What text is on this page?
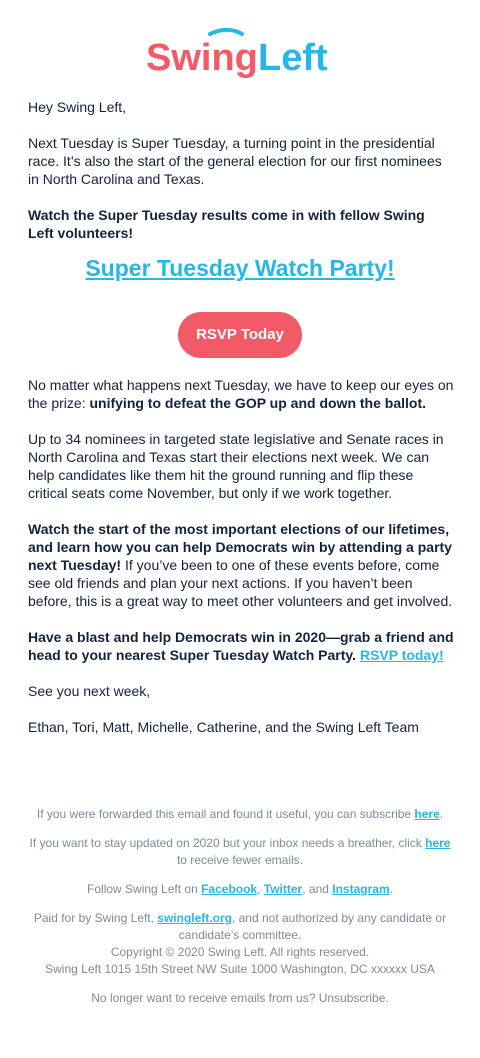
Swing Left

Hey Swing Left,

Next Tuesday is Super Tuesday, a turning point in the presidential race. It’s also the start of the general election for our first nominees in North Carolina and Texas.

Watch the Super Tuesday results come in with fellow Swing Left volunteers!

Super Tuesday Watch Party!
RSVP Today

No matter what happens next Tuesday, we have to keep our eyes on the prize: unifying to defeat the GOP up and down the ballot.

Up to 34 nominees in targeted state legislative and Senate races in North Carolina and Texas start their elections next week. We can help candidates like them hit the ground running and flip these critical seats come November, but only if we work together.

Watch the start of the most important elections of our lifetimes, and learn how you can help Democrats win by attending a party next Tuesday! If you’ve been to one of these events before, come see old friends and plan your next actions. If you haven’t been before, this is a great way to meet other volunteers and get involved.

Have a blast and help Democrats win in 2020—grab a friend and head to your nearest Super Tuesday Watch Party. RSVP today!

See you next week,

Ethan, Tori, Matt, Michelle, Catherine, and the Swing Left Team

If you were forwarded this email and found it useful, you can subscribe here.

If you want to stay updated on 2020 but your inbox needs a breather, click here to receive fewer emails.

Follow Swing Left on Facebook, Twitter, and Instagram.

Paid for by Swing Left, swingleft.org, and not authorized by any candidate or candidate’s committee.

Copyright © 2020 Swing Left. All rights reserved.

Swing Left 1015 15th Street NW Suite 1000 Washington, DC xxxxxx USA

No longer want to receive emails from us? Unsubscribe.
